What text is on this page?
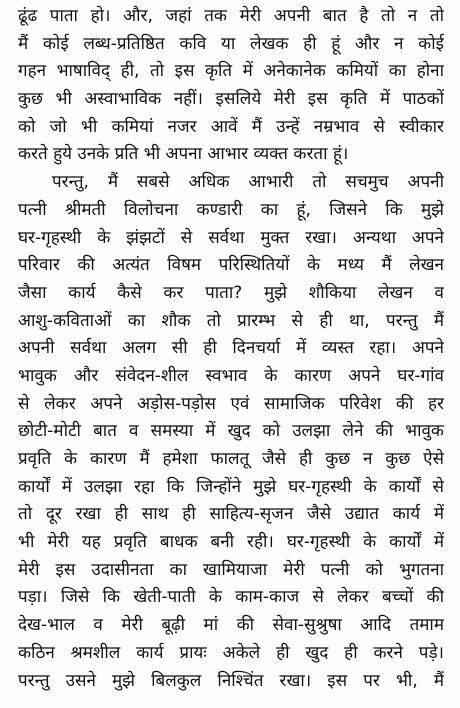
ढूंढ पाता हो। और, जहां तक मेरी अपनी बात है तो न तो
मैं कोई लब्ध-प्रतिष्ठित कवि या लेखक ही हूं और न कोई
गहन भाषाविद् ही, तो इस कृति में अनेकानेक कमियों का होना
कुछ भी अस्वाभाविक नहीं। इसलिये मेरी इस कृति में पाठकों
को जो भी कमियां नजर आवें मैं उन्हें नम्रभाव से स्वीकार
करते हुये उनके प्रति भी अपना आभार व्यक्त करता हूं।
परन्तु, मैं सबसे अधिक आभारी तो सचमुच अपनी
पत्नी श्रीमती विलोचना कण्डारी का हूं, जिसने कि मुझे
घर-गृहस्थी के झंझटों से सर्वथा मुक्त रखा। अन्यथा अपने
परिवार की अत्यंत विषम परिस्थितियों के मध्य मैं लेखन
जैसा कार्य कैसे कर पाता? मुझे शौकिया लेखन व
आशु-कविताओं का शौक तो प्रारम्भ से ही था, परन्तु मैं
अपनी सर्वथा अलग सी ही दिनचर्या में व्यस्त रहा। अपने
भावुक और संवेदन-शील स्वभाव के कारण अपने घर-गांव
से लेकर अपने अड़ोस-पड़ोस एवं सामाजिक परिवेश की हर
छोटी-मोटी बात व समस्या में खुद को उलझा लेने की भावुक
प्रवृति के कारण मैं हमेशा फालतू जैसे ही कुछ न कुछ ऐसे
कार्यों में उलझा रहा कि जिन्होंने मुझे घर-गृहस्थी के कार्यों से
तो दूर रखा ही साथ ही साहित्य-सृजन जैसे उद्यात कार्य में
भी मेरी यह प्रवृति बाधक बनी रही। घर-गृहस्थी के कार्यों में
मेरी इस उदासीनता का खामियाजा मेरी पत्नी को भुगतना
पड़ा। जिसे कि खेती-पाती के काम-काज से लेकर बच्चों की
देख-भाल व मेरी बूढ़ी मां की सेवा-सुश्रुषा आदि तमाम
कठिन श्रमशील कार्य प्रायः अकेले ही खुद ही करने पड़े।
परन्तु उसने मुझे बिलकुल निश्चिंत रखा। इस पर भी, मैं
